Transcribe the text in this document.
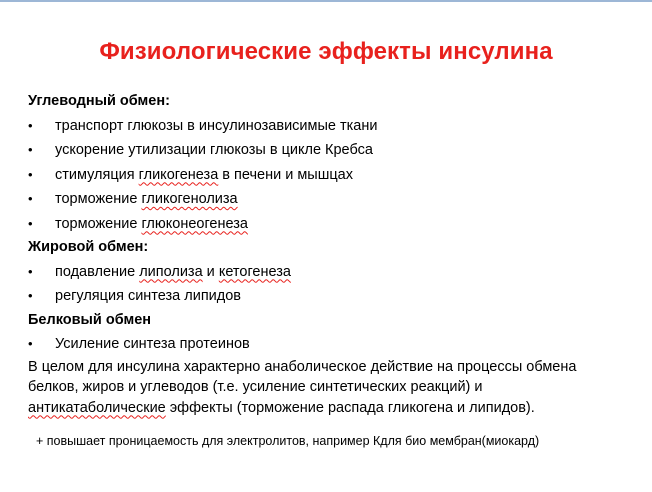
Физиологические эффекты инсулина
Углеводный обмен:
•	транспорт глюкозы в инсулинозависимые ткани
•	ускорение утилизации глюкозы в цикле Кребса
•	стимуляция гликогенеза в печени и мышцах
•	торможение гликогенолиза
•	торможение глюконеогенеза
Жировой обмен:
•	подавление липолиза и кетогенеза
•	регуляция синтеза липидов
Белковый обмен
•	Усиление синтеза протеинов
В целом для инсулина характерно анаболическое действие на процессы обмена
белков, жиров и углеводов (т.е. усиление синтетических реакций) и
антикатаболические эффекты (торможение распада гликогена и липидов).
+ повышает проницаемость для электролитов, например Кдля био мембран(миокард)
